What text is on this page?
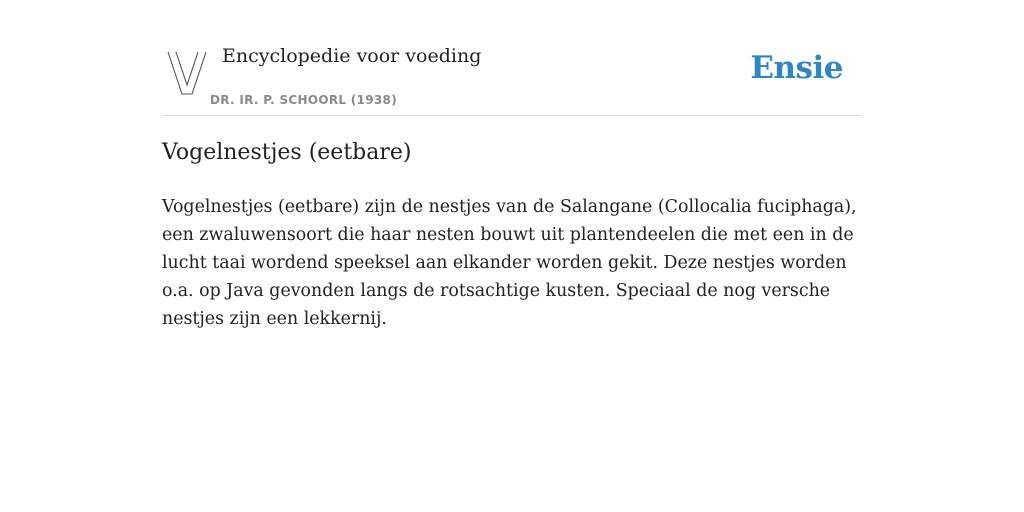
Encyclopedie voor voeding
DR. IR. P. SCHOORL (1938)
Ensie
Vogelnestjes (eetbare)

Vogelnestjes (eetbare) zijn de nestjes van de Salangane (Collocalia fuciphaga), een zwaluwensoort die haar nesten bouwt uit plantendeelen die met een in de lucht taai wordend speeksel aan elkander worden gekit. Deze nestjes worden o.a. op Java gevonden langs de rotsachtige kusten. Speciaal de nog versche nestjes zijn een lekkernij.
